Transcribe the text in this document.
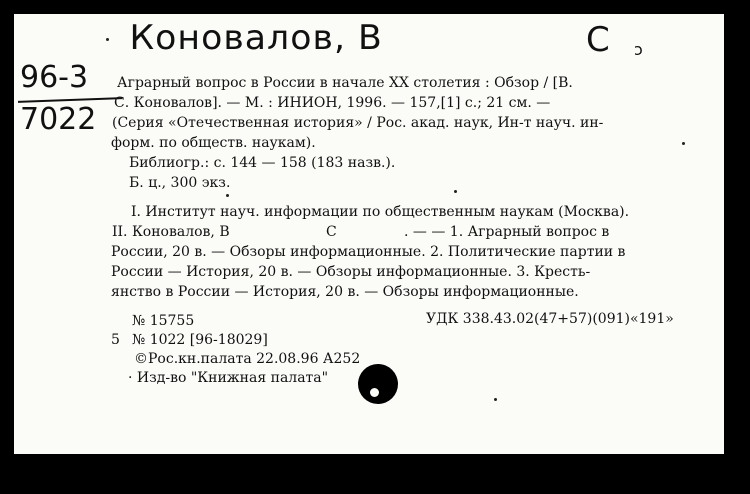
Коновалов, В	С ɔ
96-3
7022
Аграрный вопрос в России в начале XX столетия : Обзор / [В.
С. Коновалов]. — М. : ИНИОН, 1996. — 157,[1] с.; 21 см. —
(Серия «Отечественная история» / Рос. акад. наук, Ин-т науч. ин-
форм. по обществ. наукам).
Библиогр.: с. 144 — 158 (183 назв.).
Б. ц., 300 экз.
I. Институт науч. информации по общественным наукам (Москва).
II. Коновалов, В	С	. — — 1. Аграрный вопрос в
России, 20 в. — Обзоры информационные. 2. Политические партии в
России — История, 20 в. — Обзоры информационные. 3. Кресть-
янство в России — История, 20 в. — Обзоры информационные.
№ 15755	УДК 338.43.02(47+57)(091)«191»
5 № 1022 [96-18029]
©Рос.кн.палата 22.08.96 А252
· Изд-во "Книжная палата"
